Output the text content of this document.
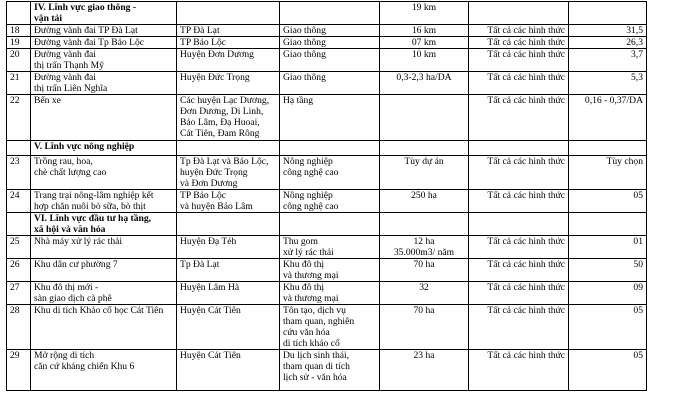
	IV. Lĩnh vực giao thông -
vận tải			19 km		
18	Đường vành đai TP Đà Lạt	TP Đà Lạt	Giao thông	16 km	Tất cả các hình thức	31,5
19	Đường vành đai Tp Bảo Lộc	TP Bảo Lộc	Giao thông	07 km	Tất cả các hình thức	26,3
20	Đường vành đai
thị trấn Thạnh Mỹ	Huyện Đơn Dương	Giao thông	10 km	Tất cả các hình thức	3,7
21	Đường vành đai
thị trấn Liên Nghĩa	Huyện Đức Trọng	Giao thông	0,3-2,3 ha/DA	Tất cả các hình thức	5,3
22	Bến xe	Các huyện Lạc Dương,
Đơn Dương, Di Linh,
Bảo Lâm, Đạ Huoai,
Cát Tiên, Đam Rông	Hạ tầng		Tất cả các hình thức	0,16 - 0,37/DA

	V. Lĩnh vực nông nghiệp					

23	Trồng rau, hoa,
chè chất lượng cao	Tp Đà Lạt và Bảo Lộc,
huyện Đức Trọng
và Đơn Dương	Nông nghiệp
công nghệ cao	Tùy dự án	Tất cả các hình thức	Tùy chọn
24	Trang trại nông-lâm nghiệp kết
hợp chăn nuôi bò sữa, bò thịt	TP Bảo Lộc
và huyện Bảo Lâm	Nông nghiệp
công nghệ cao	250 ha	Tất cả các hình thức	05

	VI. Lĩnh vực đầu tư hạ tầng,
xã hội và văn hóa					

25	Nhà máy xử lý rác thải	Huyện Đạ Tẻh	Thu gom
xử lý rác thải	12 ha
35.000m3/ năm	Tất cả các hình thức	01
26	Khu dân cư phường 7	Tp Đà Lạt	Khu đô thị
và thương mại	70 ha	Tất cả các hình thức	50
27	Khu đô thị mới -
sàn giao dịch cà phê	Huyện Lâm Hà	Khu đô thị
và thương mại	32	Tất cả các hình thức	09
28	Khu di tích Khảo cổ học Cát Tiên	Huyện Cát Tiên	Tôn tạo, dịch vụ
tham quan, nghiên
cứu văn hóa
di tích khảo cổ	70 ha	Tất cả các hình thức	05
29	Mở rộng di tích
căn cứ kháng chiến Khu 6	Huyện Cát Tiên	Du lịch sinh thái,
tham quan di tích
lịch sử - văn hóa	23 ha	Tất cả các hình thức	05
